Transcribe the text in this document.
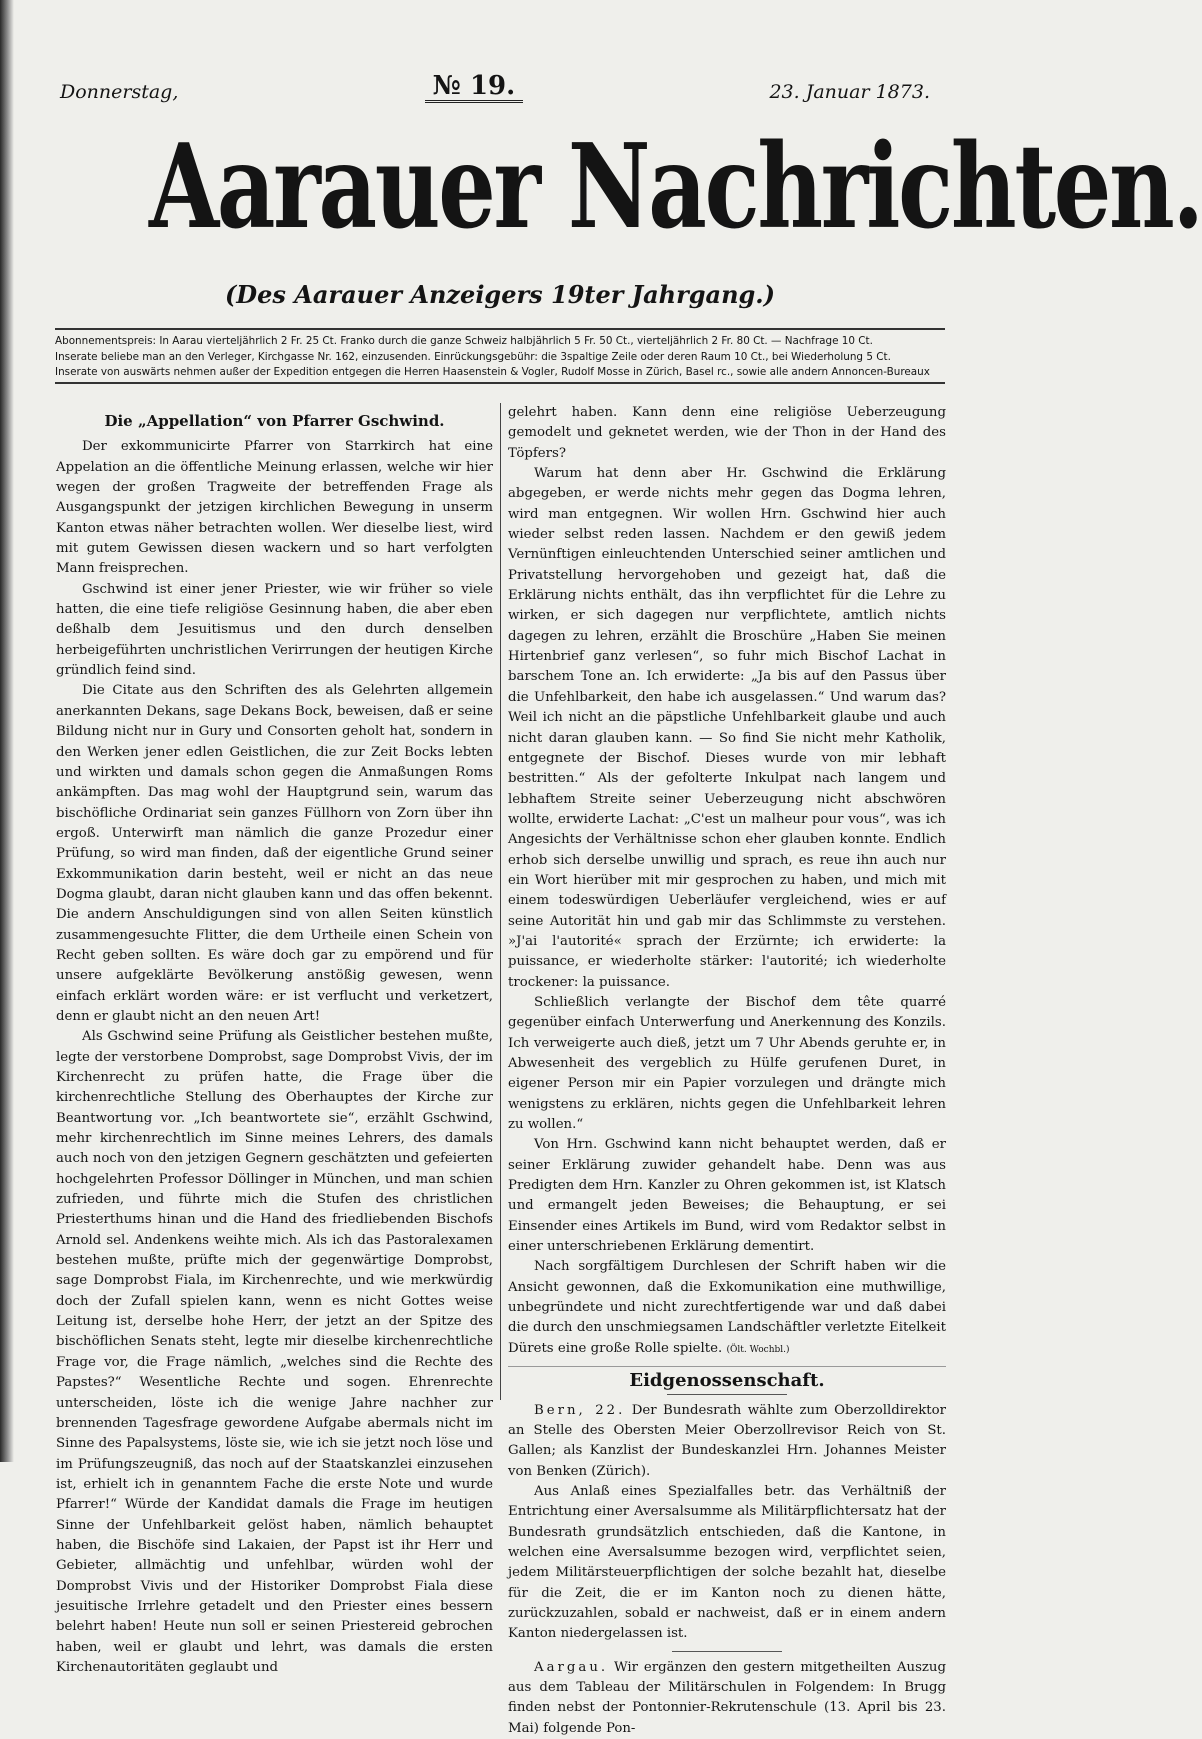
Donnerstag,	№ 19.	23. Januar 1873.
Aarauer Nachrichten.
(Des Aarauer Anzeigers 19ter Jahrgang.)

Abonnementspreis: In Aarau vierteljährlich 2 Fr. 25 Ct. Franko durch die ganze Schweiz halbjährlich 5 Fr. 50 Ct., vierteljährlich 2 Fr. 80 Ct. — Nachfrage 10 Ct.

Inserate beliebe man an den Verleger, Kirchgasse Nr. 162, einzusenden. Einrückungsgebühr: die 3spaltige Zeile oder deren Raum 10 Ct., bei Wiederholung 5 Ct.

Inserate von auswärts nehmen außer der Expedition entgegen die Herren Haasenstein & Vogler, Rudolf Mosse in Zürich, Basel rc., sowie alle andern Annoncen-Bureaux

Die „Appellation“ von Pfarrer Gschwind.

Der exkommunicirte Pfarrer von Starrkirch hat eine Appelation an die öffentliche Meinung erlassen, welche wir hier wegen der großen Tragweite der betreffenden Frage als Ausgangspunkt der jetzigen kirchlichen Bewegung in unserm Kanton etwas näher betrachten wollen. Wer dieselbe liest, wird mit gutem Gewissen diesen wackern und so hart verfolgten Mann freisprechen.

Gschwind ist einer jener Priester, wie wir früher so viele hatten, die eine tiefe religiöse Gesinnung haben, die aber eben deßhalb dem Jesuitismus und den durch denselben herbeigeführten unchristlichen Verirrungen der heutigen Kirche gründlich feind sind.

Die Citate aus den Schriften des als Gelehrten allgemein anerkannten Dekans, sage Dekans Bock, beweisen, daß er seine Bildung nicht nur in Gury und Consorten geholt hat, sondern in den Werken jener edlen Geistlichen, die zur Zeit Bocks lebten und wirkten und damals schon gegen die Anmaßungen Roms ankämpften. Das mag wohl der Hauptgrund sein, warum das bischöfliche Ordinariat sein ganzes Füllhorn von Zorn über ihn ergoß. Unterwirft man nämlich die ganze Prozedur einer Prüfung, so wird man finden, daß der eigentliche Grund seiner Exkommunikation darin besteht, weil er nicht an das neue Dogma glaubt, daran nicht glauben kann und das offen bekennt. Die andern Anschuldigungen sind von allen Seiten künstlich zusammengesuchte Flitter, die dem Urtheile einen Schein von Recht geben sollten. Es wäre doch gar zu empörend und für unsere aufgeklärte Bevölkerung anstößig gewesen, wenn einfach erklärt worden wäre: er ist verflucht und verketzert, denn er glaubt nicht an den neuen Art!

Als Gschwind seine Prüfung als Geistlicher bestehen mußte, legte der verstorbene Domprobst, sage Domprobst Vivis, der im Kirchenrecht zu prüfen hatte, die Frage über die kirchenrechtliche Stellung des Oberhauptes der Kirche zur Beantwortung vor. „Ich beantwortete sie“, erzählt Gschwind, mehr kirchenrechtlich im Sinne meines Lehrers, des damals auch noch von den jetzigen Gegnern geschätzten und gefeierten hochgelehrten Professor Döllinger in München, und man schien zufrieden, und führte mich die Stufen des christlichen Priesterthums hinan und die Hand des friedliebenden Bischofs Arnold sel. Andenkens weihte mich. Als ich das Pastoralexamen bestehen mußte, prüfte mich der gegenwärtige Domprobst, sage Domprobst Fiala, im Kirchenrechte, und wie merkwürdig doch der Zufall spielen kann, wenn es nicht Gottes weise Leitung ist, derselbe hohe Herr, der jetzt an der Spitze des bischöflichen Senats steht, legte mir dieselbe kirchenrechtliche Frage vor, die Frage nämlich, „welches sind die Rechte des Papstes?“ Wesentliche Rechte und sogen. Ehrenrechte unterscheiden, löste ich die wenige Jahre nachher zur brennenden Tagesfrage gewordene Aufgabe abermals nicht im Sinne des Papalsystems, löste sie, wie ich sie jetzt noch löse und im Prüfungszeugniß, das noch auf der Staatskanzlei einzusehen ist, erhielt ich in genanntem Fache die erste Note und wurde Pfarrer!“ Würde der Kandidat damals die Frage im heutigen Sinne der Unfehlbarkeit gelöst haben, nämlich behauptet haben, die Bischöfe sind Lakaien, der Papst ist ihr Herr und Gebieter, allmächtig und unfehlbar, würden wohl der Domprobst Vivis und der Historiker Domprobst Fiala diese jesuitische Irrlehre getadelt und den Priester eines bessern belehrt haben! Heute nun soll er seinen Priestereid gebrochen haben, weil er glaubt und lehrt, was damals die ersten Kirchenautoritäten geglaubt und

gelehrt haben. Kann denn eine religiöse Ueberzeugung gemodelt und geknetet werden, wie der Thon in der Hand des Töpfers?

Warum hat denn aber Hr. Gschwind die Erklärung abgegeben, er werde nichts mehr gegen das Dogma lehren, wird man entgegnen. Wir wollen Hrn. Gschwind hier auch wieder selbst reden lassen. Nachdem er den gewiß jedem Vernünftigen einleuchtenden Unterschied seiner amtlichen und Privatstellung hervorgehoben und gezeigt hat, daß die Erklärung nichts enthält, das ihn verpflichtet für die Lehre zu wirken, er sich dagegen nur verpflichtete, amtlich nichts dagegen zu lehren, erzählt die Broschüre „Haben Sie meinen Hirtenbrief ganz verlesen“, so fuhr mich Bischof Lachat in barschem Tone an. Ich erwiderte: „Ja bis auf den Passus über die Unfehlbarkeit, den habe ich ausgelassen.“ Und warum das? Weil ich nicht an die päpstliche Unfehlbarkeit glaube und auch nicht daran glauben kann. — So find Sie nicht mehr Katholik, entgegnete der Bischof. Dieses wurde von mir lebhaft bestritten.“ Als der gefolterte Inkulpat nach langem und lebhaftem Streite seiner Ueberzeugung nicht abschwören wollte, erwiderte Lachat: „C'est un malheur pour vous“, was ich Angesichts der Verhältnisse schon eher glauben konnte. Endlich erhob sich derselbe unwillig und sprach, es reue ihn auch nur ein Wort hierüber mit mir gesprochen zu haben, und mich mit einem todeswürdigen Ueberläufer vergleichend, wies er auf seine Autorität hin und gab mir das Schlimmste zu verstehen. »J'ai l'autorité« sprach der Erzürnte; ich erwiderte: la puissance, er wiederholte stärker: l'autorité; ich wiederholte trockener: la puissance.

Schließlich verlangte der Bischof dem tête quarré gegenüber einfach Unterwerfung und Anerkennung des Konzils. Ich verweigerte auch dieß, jetzt um 7 Uhr Abends geruhte er, in Abwesenheit des vergeblich zu Hülfe gerufenen Duret, in eigener Person mir ein Papier vorzulegen und drängte mich wenigstens zu erklären, nichts gegen die Unfehlbarkeit lehren zu wollen.“

Von Hrn. Gschwind kann nicht behauptet werden, daß er seiner Erklärung zuwider gehandelt habe. Denn was aus Predigten dem Hrn. Kanzler zu Ohren gekommen ist, ist Klatsch und ermangelt jeden Beweises; die Behauptung, er sei Einsender eines Artikels im Bund, wird vom Redaktor selbst in einer unterschriebenen Erklärung dementirt.

Nach sorgfältigem Durchlesen der Schrift haben wir die Ansicht gewonnen, daß die Exkomunikation eine muthwillige, unbegründete und nicht zurechtfertigende war und daß dabei die durch den unschmiegsamen Landschäftler verletzte Eitelkeit Dürets eine große Rolle spielte. (Ölt. Wochbl.)

Eidgenossenschaft.

Bern, 22. Der Bundesrath wählte zum Oberzolldirektor an Stelle des Obersten Meier Oberzollrevisor Reich von St. Gallen; als Kanzlist der Bundeskanzlei Hrn. Johannes Meister von Benken (Zürich).

Aus Anlaß eines Spezialfalles betr. das Verhältniß der Entrichtung einer Aversalsumme als Militärpflichtersatz hat der Bundesrath grundsätzlich entschieden, daß die Kantone, in welchen eine Aversalsumme bezogen wird, verpflichtet seien, jedem Militärsteuerpflichtigen der solche bezahlt hat, dieselbe für die Zeit, die er im Kanton noch zu dienen hätte, zurückzuzahlen, sobald er nachweist, daß er in einem andern Kanton niedergelassen ist.

Aargau. Wir ergänzen den gestern mitgetheilten Auszug aus dem Tableau der Militärschulen in Folgendem: In Brugg finden nebst der Pontonnier-Rekrutenschule (13. April bis 23. Mai) folgende Pon-
